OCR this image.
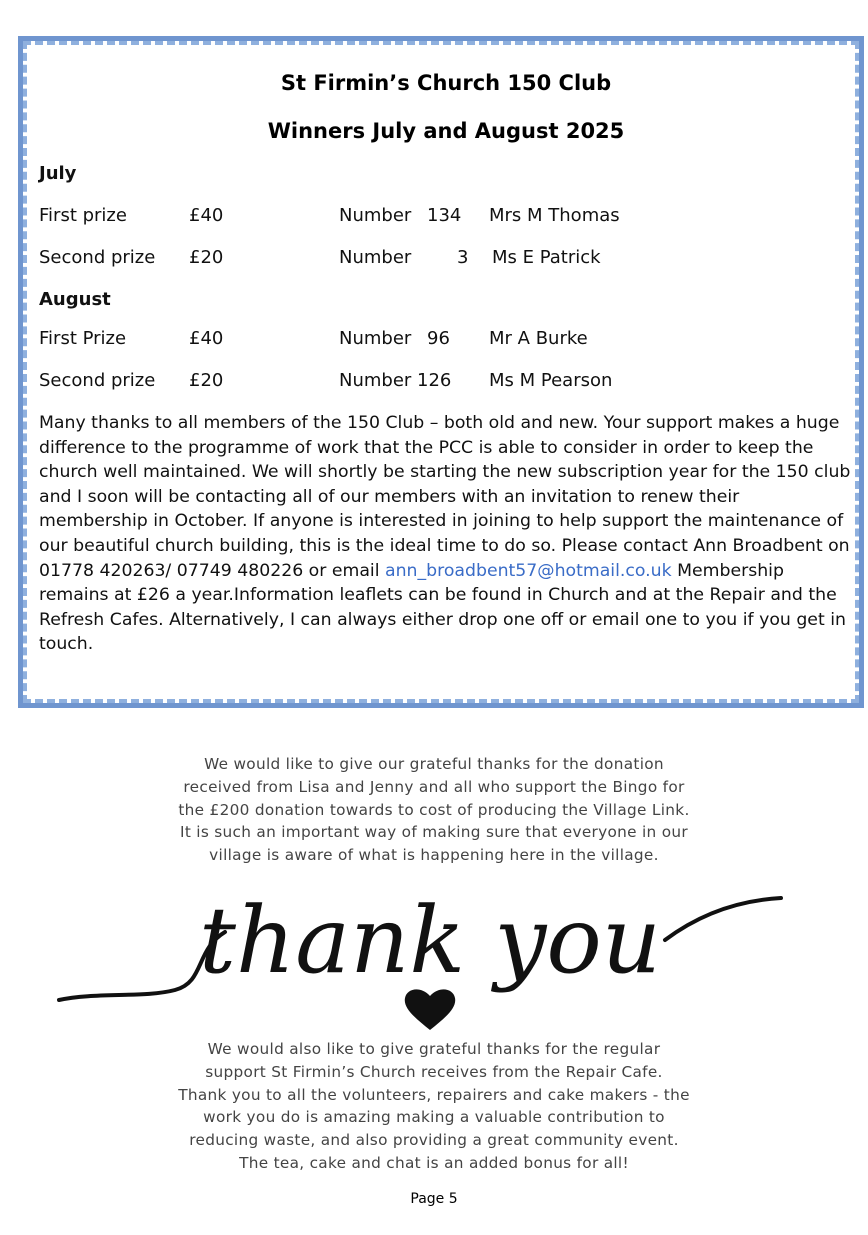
St Firmin’s Church 150 Club
Winners July and August 2025
July
First prize	£40	Number 134 Mrs M Thomas
Second prize £20	Number	3 Ms E Patrick
August
First Prize	£40	Number 96 Mr A Burke
Second prize £20	Number 126 Ms M Pearson
Many thanks to all members of the 150 Club – both old and new. Your support makes a huge difference to the programme of work that the PCC is able to consider in order to keep the church well maintained. We will shortly be starting the new subscription year for the 150 club and I soon will be contacting all of our members with an invitation to renew their membership in October. If anyone is interested in joining to help support the maintenance of our beautiful church building, this is the ideal time to do so. Please contact Ann Broadbent on 01778 420263/ 07749 480226 or email ann_broadbent57@hotmail.co.uk Membership remains at £26 a year.Information leaflets can be found in Church and at the Repair and the Refresh Cafes. Alternatively, I can always either drop one off or email one to you if you get in touch.
We would like to give our grateful thanks for the donation
received from Lisa and Jenny and all who support the Bingo for
the £200 donation towards to cost of producing the Village Link.
It is such an important way of making sure that everyone in our
village is aware of what is happening here in the village.
thank you
We would also like to give grateful thanks for the regular
support St Firmin’s Church receives from the Repair Cafe.
Thank you to all the volunteers, repairers and cake makers - the
work you do is amazing making a valuable contribution to
reducing waste, and also providing a great community event.
The tea, cake and chat is an added bonus for all!
Page 5
